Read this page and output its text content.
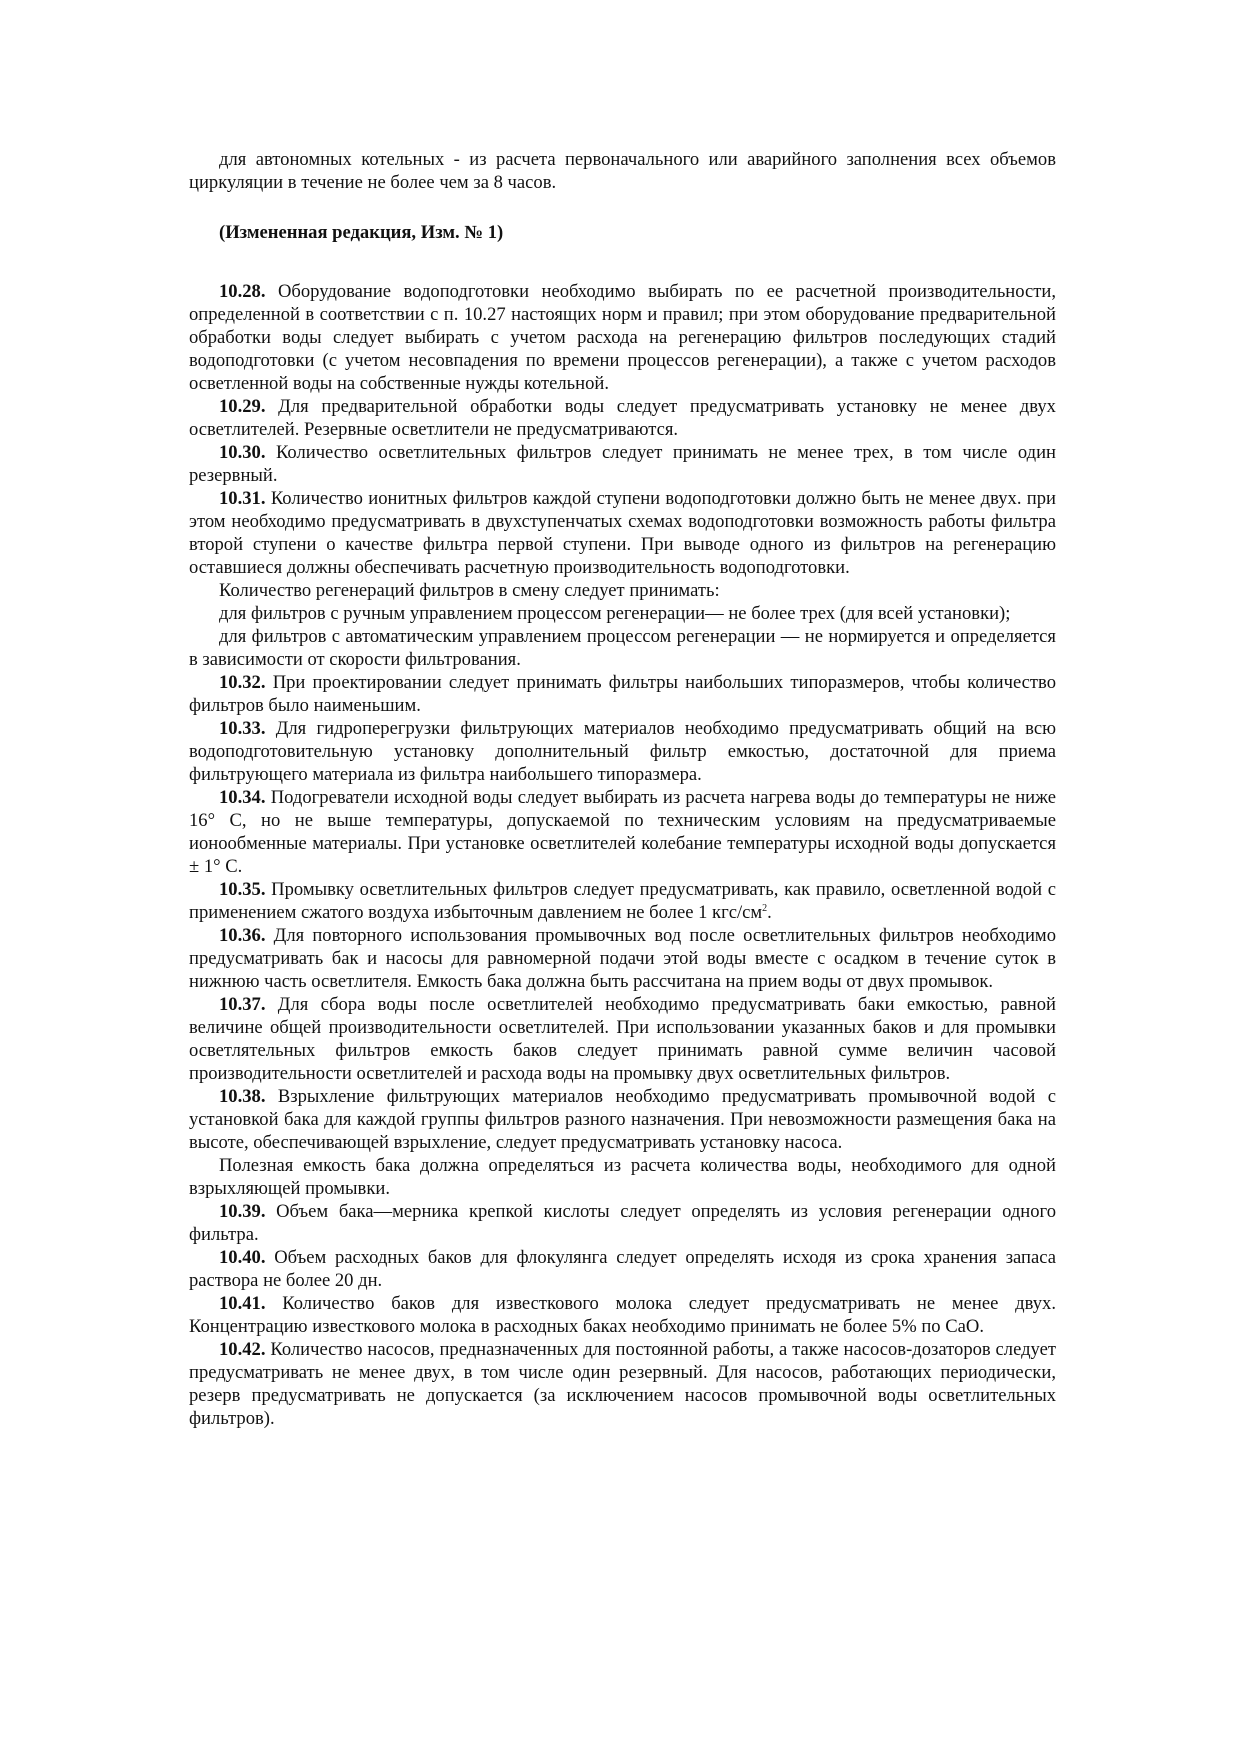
для автономных котельных - из расчета первоначального или аварийного заполнения всех объемов циркуляции в течение не более чем за 8 часов.

(Измененная редакция, Изм. № 1)

10.28. Оборудование водоподготовки необходимо выбирать по ее расчетной производительности, определенной в соответствии с п. 10.27 настоящих норм и правил; при этом оборудование предварительной обработки воды следует выбирать с учетом расхода на регенерацию фильтров последующих стадий водоподготовки (с учетом несовпадения по времени процессов регенерации), а также с учетом расходов осветленной воды на собственные нужды котельной.

10.29. Для предварительной обработки воды следует предусматривать установку не менее двух осветлителей. Резервные осветлители не предусматриваются.

10.30. Количество осветлительных фильтров следует принимать не менее трех, в том числе один резервный.

10.31. Количество ионитных фильтров каждой ступени водоподготовки должно быть не менее двух. при этом необходимо предусматривать в двухступенчатых схемах водоподготовки возможность работы фильтра второй ступени о качестве фильтра первой ступени. При выводе одного из фильтров на регенерацию оставшиеся должны обеспечивать расчетную производительность водоподготовки.

Количество регенераций фильтров в смену следует принимать:

для фильтров с ручным управлением процессом регенерации— не более трех (для всей установки);

для фильтров с автоматическим управлением процессом регенерации — не нормируется и определяется в зависимости от скорости фильтрования.

10.32. При проектировании следует принимать фильтры наибольших типоразмеров, чтобы количество фильтров было наименьшим.

10.33. Для гидроперегрузки фильтрующих материалов необходимо предусматривать общий на всю водоподготовительную установку дополнительный фильтр емкостью, достаточной для приема фильтрующего материала из фильтра наибольшего типоразмера.

10.34. Подогреватели исходной воды следует выбирать из расчета нагрева воды до температуры не ниже 16° С, но не выше температуры, допускаемой по техническим условиям на предусматриваемые ионообменные материалы. При установке осветлителей колебание температуры исходной воды допускается ± 1° С.

10.35. Промывку осветлительных фильтров следует предусматривать, как правило, осветленной водой с применением сжатого воздуха избыточным давлением не более 1 кгс/$см^2$.

10.36. Для повторного использования промывочных вод после осветлительных фильтров необходимо предусматривать бак и насосы для равномерной подачи этой воды вместе с осадком в течение суток в нижнюю часть осветлителя. Емкость бака должна быть рассчитана на прием воды от двух промывок.

10.37. Для сбора воды после осветлителей необходимо предусматривать баки емкостью, равной величине общей производительности осветлителей. При использовании указанных баков и для промывки осветлятельных фильтров емкость баков следует принимать равной сумме величин часовой производительности осветлителей и расхода воды на промывку двух осветлительных фильтров.

10.38. Взрыхление фильтрующих материалов необходимо предусматривать промывочной водой с установкой бака для каждой группы фильтров разного назначения. При невозможности размещения бака на высоте, обеспечивающей взрыхление, следует предусматривать установку насоса.

Полезная емкость бака должна определяться из расчета количества воды, необходимого для одной взрыхляющей промывки.

10.39. Объем бака—мерника крепкой кислоты следует определять из условия регенерации одного фильтра.

10.40. Объем расходных баков для флокулянга следует определять исходя из срока хранения запаса раствора не более 20 дн.

10.41. Количество баков для известкового молока следует предусматривать не менее двух. Концентрацию известкового молока в расходных баках необходимо принимать не более 5% по СаО.

10.42. Количество насосов, предназначенных для постоянной работы, а также насосов-дозаторов следует предусматривать не менее двух, в том числе один резервный. Для насосов, работающих периодически, резерв предусматривать не допускается (за исключением насосов промывочной воды осветлительных фильтров).
